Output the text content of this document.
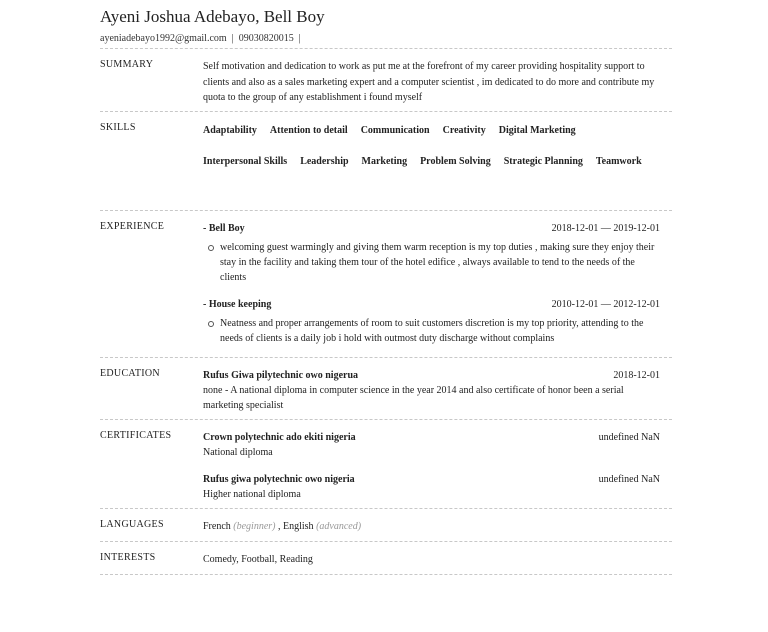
Ayeni Joshua Adebayo, Bell Boy
ayeniadebayo1992@gmail.com | 09030820015 |
SUMMARY	Self motivation and dedication to work as put me at the forefront of my career providing hospitality support to clients and also as a sales marketing expert and a computer scientist , im dedicated to do more and contribute my quota to the group of any establishment i found myself
SKILLS	Adaptability Attention to detail Communication Creativity Digital Marketing
Interpersonal Skills Leadership Marketing Problem Solving Strategic Planning Teamwork
EXPERIENCE	- Bell Boy	2018-12-01 — 2019-12-01
welcoming guest warmingly and giving them warm reception is my top duties , making sure they enjoy their stay in the facility and taking them tour of the hotel edifice , always available to tend to the needs of the clients
- House keeping	2010-12-01 — 2012-12-01
Neatness and proper arrangements of room to suit customers discretion is my top priority, attending to the needs of clients is a daily job i hold with outmost duty discharge without complains
EDUCATION	Rufus Giwa pilytechnic owo nigerua	2018-12-01
none - A national diploma in computer science in the year 2014 and also certificate of honor been a serial marketing specialist
CERTIFICATES	Crown polytechnic ado ekiti nigeria	undefined NaN
National diploma
Rufus giwa polytechnic owo nigeria	undefined NaN
Higher national diploma
LANGUAGES	French (beginner) , English (advanced)
INTERESTS	Comedy, Football, Reading
